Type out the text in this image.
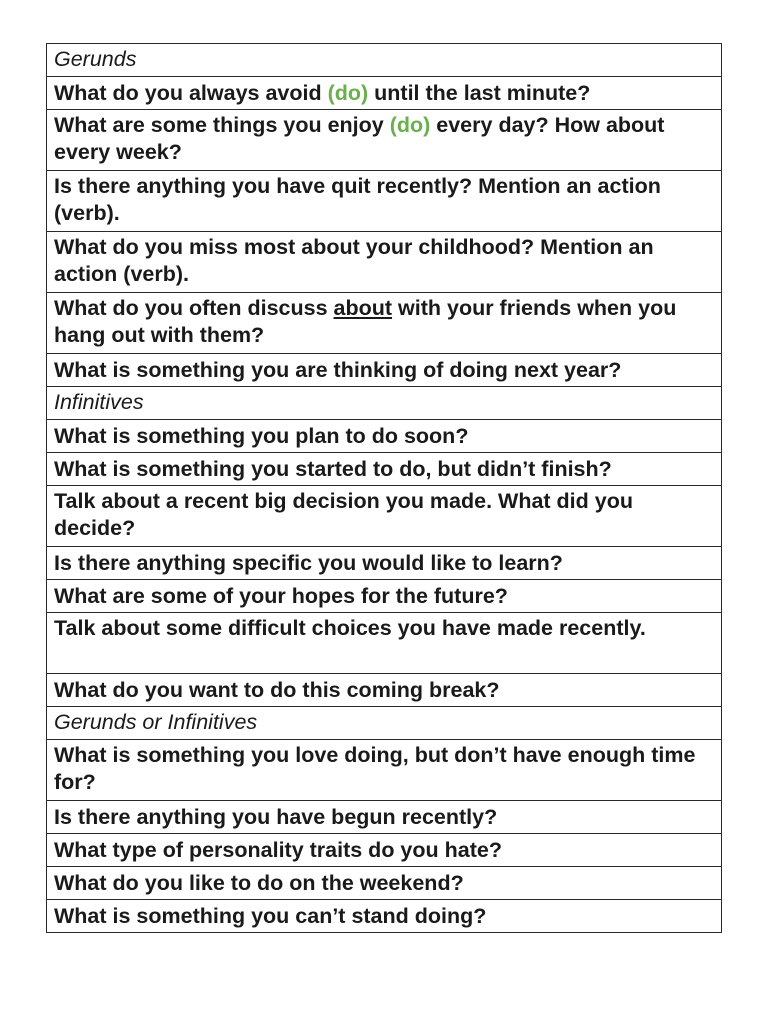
Gerunds
What do you always avoid (do) until the last minute?
What are some things you enjoy (do) every day? How about every week?
Is there anything you have quit recently? Mention an action (verb).
What do you miss most about your childhood? Mention an action (verb).
What do you often discuss about with your friends when you hang out with them?
What is something you are thinking of doing next year?
Infinitives
What is something you plan to do soon?
What is something you started to do, but didn’t finish?
Talk about a recent big decision you made. What did you decide?
Is there anything specific you would like to learn?
What are some of your hopes for the future?
Talk about some difficult choices you have made recently.
What do you want to do this coming break?
Gerunds or Infinitives
What is something you love doing, but don’t have enough time for?
Is there anything you have begun recently?
What type of personality traits do you hate?
What do you like to do on the weekend?
What is something you can’t stand doing?
